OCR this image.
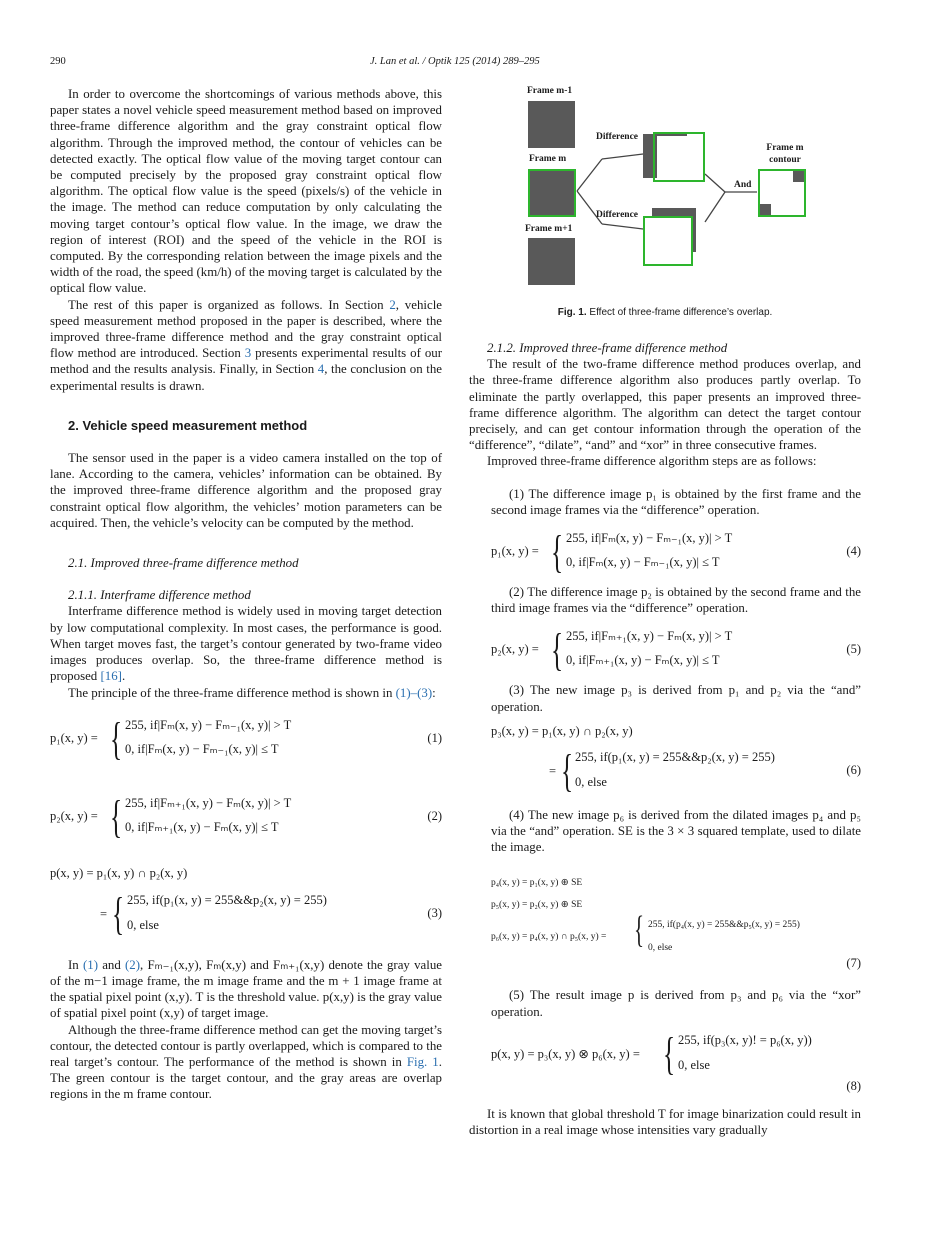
290	J. Lan et al. / Optik 125 (2014) 289–295

In order to overcome the shortcomings of various methods above, this paper states a novel vehicle speed measurement method based on improved three-frame difference algorithm and the gray constraint optical flow algorithm. Through the improved method, the contour of vehicles can be detected exactly. The optical flow value of the moving target contour can be computed precisely by the proposed gray constraint optical flow algorithm. The optical flow value is the speed (pixels/s) of the vehicle in the image. The method can reduce computation by only calculating the moving target contour’s optical flow value. In the image, we draw the region of interest (ROI) and the speed of the vehicle in the ROI is computed. By the corresponding relation between the image pixels and the width of the road, the speed (km/h) of the moving target is calculated by the optical flow value.

The rest of this paper is organized as follows. In Section 2, vehicle speed measurement method proposed in the paper is described, where the improved three-frame difference method and the gray constraint optical flow method are introduced. Section 3 presents experimental results of our method and the results analysis. Finally, in Section 4, the conclusion on the experimental results is drawn.

2. Vehicle speed measurement method

The sensor used in the paper is a video camera installed on the top of lane. According to the camera, vehicles’ information can be obtained. By the improved three-frame difference algorithm and the proposed gray constraint optical flow algorithm, the vehicles’ motion parameters can be acquired. Then, the vehicle’s velocity can be computed by the method.

2.1. Improved three-frame difference method

2.1.1. Interframe difference method

Interframe difference method is widely used in moving target detection by low computational complexity. In most cases, the performance is good. When target moves fast, the target’s contour generated by two-frame video images produces overlap. So, the three-frame difference method is proposed [16].

The principle of the three-frame difference method is shown in (1)–(3):

p₁(x, y) = { 255, if|Fₘ(x, y) − Fₘ₋₁(x, y)| > T
0, if|Fₘ(x, y) − Fₘ₋₁(x, y)| ≤ T
(1)
p₂(x, y) = { 255, if|Fₘ₊₁(x, y) − Fₘ(x, y)| > T
0, if|Fₘ₊₁(x, y) − Fₘ(x, y)| ≤ T
(2)
p(x, y) = p₁(x, y) ∩ p₂(x, y)
= { 255, if(p₁(x, y) = 255&&p₂(x, y) = 255)
0, else
(3)

In (1) and (2), Fₘ₋₁(x,y), Fₘ(x,y) and Fₘ₊₁(x,y) denote the gray value of the m−1 image frame, the m image frame and the m + 1 image frame at the spatial pixel point (x,y). T is the threshold value. p(x,y) is the gray value of spatial pixel point (x,y) of target image.

Although the three-frame difference method can get the moving target’s contour, the detected contour is partly overlapped, which is compared to the real target’s contour. The performance of the method is shown in Fig. 1. The green contour is the target contour, and the gray areas are overlap regions in the m frame contour.

Frame m-1
Frame m
Frame m+1
Difference
Difference
And
Frame m contour
Fig. 1. Effect of three-frame difference’s overlap.

2.1.2. Improved three-frame difference method

The result of the two-frame difference method produces overlap, and the three-frame difference algorithm also produces partly overlap. To eliminate the partly overlapped, this paper presents an improved three-frame difference algorithm. The algorithm can detect the target contour precisely, and can get contour information through the operation of the “difference”, “dilate”, “and” and “xor” in three consecutive frames.

Improved three-frame difference algorithm steps are as follows:

(1) The difference image p₁ is obtained by the first frame and the second image frames via the “difference” operation.

p₁(x, y) = { 255, if|Fₘ(x, y) − Fₘ₋₁(x, y)| > T
0, if|Fₘ(x, y) − Fₘ₋₁(x, y)| ≤ T
(4)

(2) The difference image p₂ is obtained by the second frame and the third image frames via the “difference” operation.

p₂(x, y) = { 255, if|Fₘ₊₁(x, y) − Fₘ(x, y)| > T
0, if|Fₘ₊₁(x, y) − Fₘ(x, y)| ≤ T
(5)

(3) The new image p₃ is derived from p₁ and p₂ via the “and” operation.

p₃(x, y) = p₁(x, y) ∩ p₂(x, y)
= { 255, if(p₁(x, y) = 255&&p₂(x, y) = 255)
0, else
(6)

(4) The new image p₆ is derived from the dilated images p₄ and p₅ via the “and” operation. SE is the 3 × 3 squared template, used to dilate the image.

p₄(x, y) = p₁(x, y) ⊕ SE
p₅(x, y) = p₂(x, y) ⊕ SE
p₆(x, y) = p₄(x, y) ∩ p₅(x, y) = { 255, if(p₄(x, y) = 255&&p₅(x, y) = 255)
0, else
(7)

(5) The result image p is derived from p₃ and p₆ via the “xor” operation.

p(x, y) = p₃(x, y) ⊗ p₆(x, y) = { 255, if(p₃(x, y)! = p₆(x, y))
0, else
(8)

It is known that global threshold T for image binarization could result in distortion in a real image whose intensities vary gradually
